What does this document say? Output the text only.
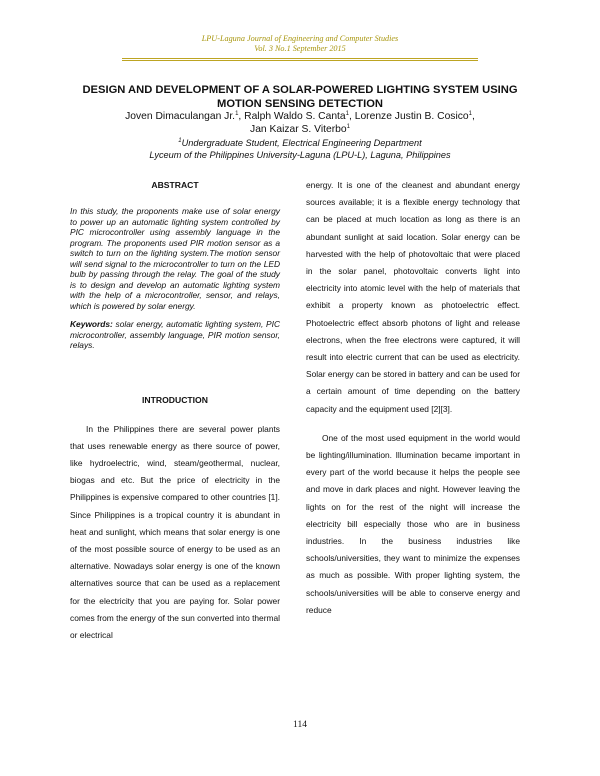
LPU-Laguna Journal of Engineering and Computer Studies
Vol. 3 No.1 September 2015
DESIGN AND DEVELOPMENT OF A SOLAR-POWERED LIGHTING SYSTEM USING MOTION SENSING DETECTION
Joven Dimaculangan Jr.$^1$, Ralph Waldo S. Canta$^1$, Lorenze Justin B. Cosico$^1$,
Jan Kaizar S. Viterbo$^1$
$^1$Undergraduate Student, Electrical Engineering Department
Lyceum of the Philippines University-Laguna (LPU-L), Laguna, Philippines
ABSTRACT

In this study, the proponents make use of solar energy to power up an automatic lighting system controlled by PIC microcontroller using assembly language in the program. The proponents used PIR motion sensor as a switch to turn on the lighting system.The motion sensor will send signal to the microcontroller to turn on the LED bulb by passing through the relay. The goal of the study is to design and develop an automatic lighting system with the help of a microcontroller, sensor, and relays, which is powered by solar energy.

Keywords: solar energy, automatic lighting system, PIC microcontroller, assembly language, PIR motion sensor, relays.

INTRODUCTION

In the Philippines there are several power plants that uses renewable energy as there source of power, like hydroelectric, wind, steam/geothermal, nuclear, biogas and etc. But the price of electricity in the Philippines is expensive compared to other countries [1]. Since Philippines is a tropical country it is abundant in heat and sunlight, which means that solar energy is one of the most possible source of energy to be used as an alternative. Nowadays solar energy is one of the known alternatives source that can be used as a replacement for the electricity that you are paying for. Solar power comes from the energy of the sun converted into thermal or electrical

energy. It is one of the cleanest and abundant energy sources available; it is a flexible energy technology that can be placed at much location as long as there is an abundant sunlight at said location. Solar energy can be harvested with the help of photovoltaic that were placed in the solar panel, photovoltaic converts light into electricity into atomic level with the help of materials that exhibit a property known as photoelectric effect. Photoelectric effect absorb photons of light and release electrons, when the free electrons were captured, it will result into electric current that can be used as electricity. Solar energy can be stored in battery and can be used for a certain amount of time depending on the battery capacity and the equipment used [2][3].

One of the most used equipment in the world would be lighting/illumination. Illumination became important in every part of the world because it helps the people see and move in dark places and night. However leaving the lights on for the rest of the night will increase the electricity bill especially those who are in business industries. In the business industries like schools/universities, they want to minimize the expenses as much as possible. With proper lighting system, the schools/universities will be able to conserve energy and reduce

114
